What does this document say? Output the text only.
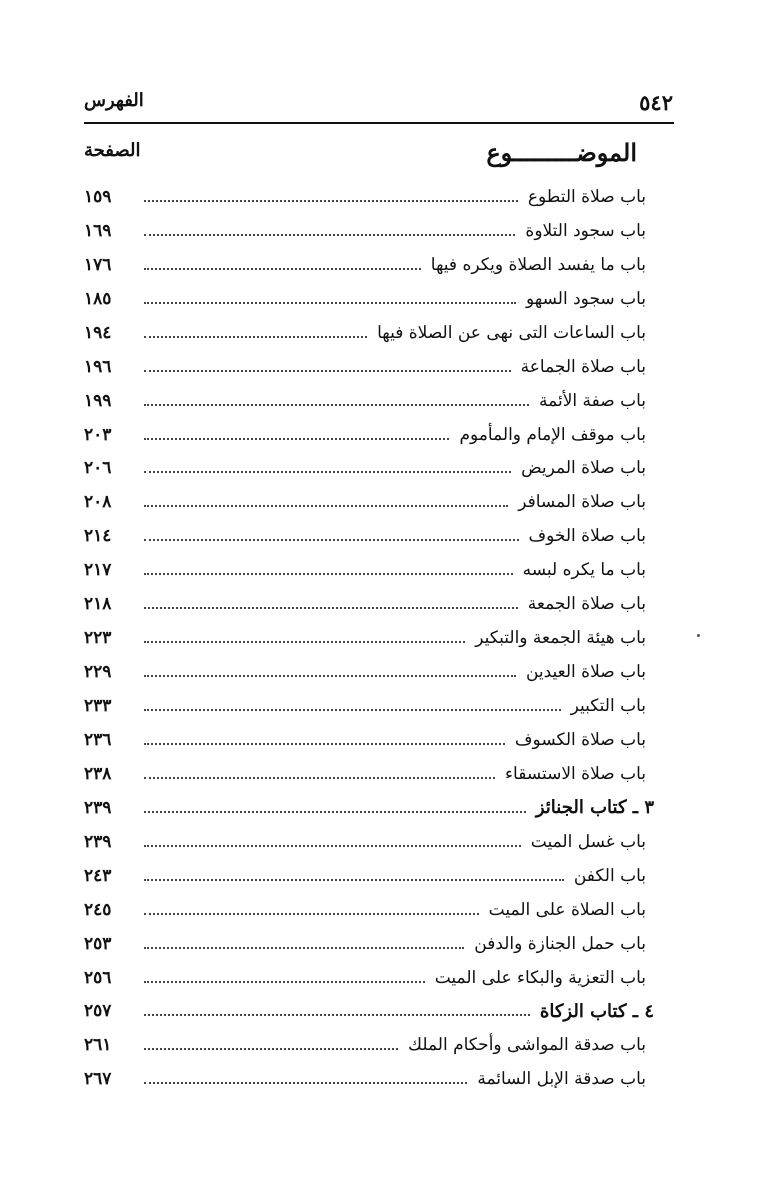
٥٤٢
الفهرس
الموضـــــــــوع
الصفحة
باب صلاة التطوع
١٥٩
باب سجود التلاوة
١٦٩
باب ما يفسد الصلاة ويكره فيها
١٧٦
باب سجود السهو
١٨٥
باب الساعات التى نهى عن الصلاة فيها
١٩٤
باب صلاة الجماعة
١٩٦
باب صفة الأئمة
١٩٩
باب موقف الإمام والمأموم
٢٠٣
باب صلاة المريض
٢٠٦
باب صلاة المسافر
٢٠٨
باب صلاة الخوف
٢١٤
باب ما يكره لبسه
٢١٧
باب صلاة الجمعة
٢١٨
باب هيئة الجمعة والتبكير
٢٢٣
باب صلاة العيدين
٢٢٩
باب التكبير
٢٣٣
باب صلاة الكسوف
٢٣٦
باب صلاة الاستسقاء
٢٣٨
٣ ـ كتاب الجنائز
٢٣٩
باب غسل الميت
٢٣٩
باب الكفن
٢٤٣
باب الصلاة على الميت
٢٤٥
باب حمل الجنازة والدفن
٢٥٣
باب التعزية والبكاء على الميت
٢٥٦
٤ ـ كتاب الزكاة
٢٥٧
باب صدقة المواشى وأحكام الملك
٢٦١
باب صدقة الإبل السائمة
٢٦٧
